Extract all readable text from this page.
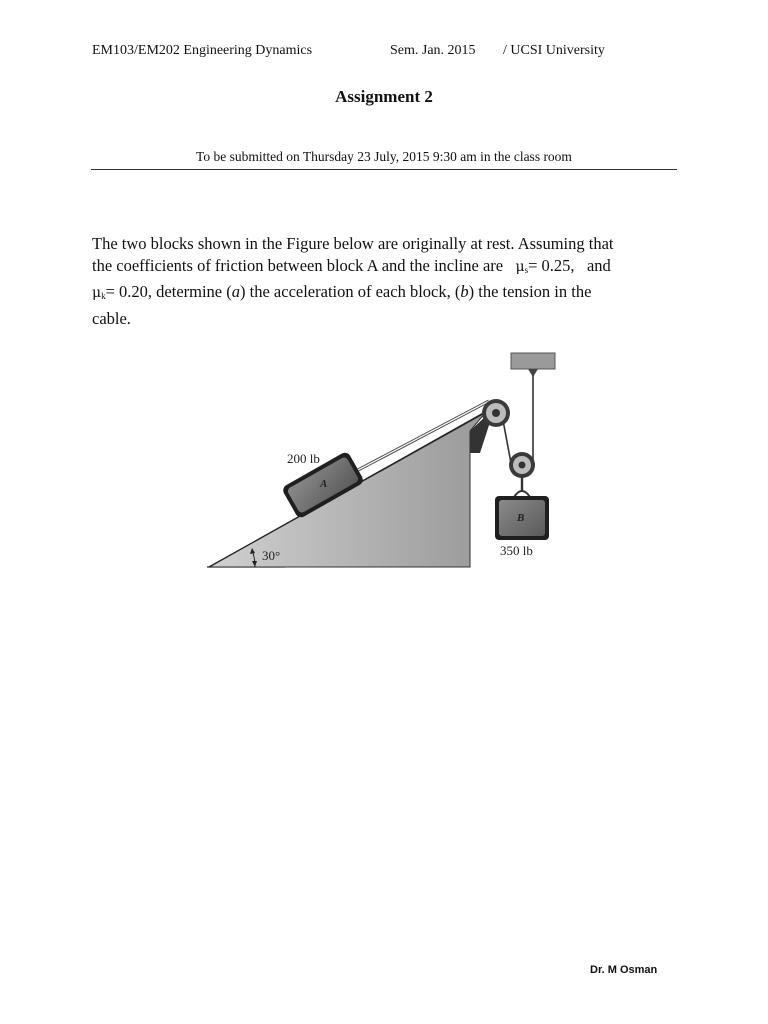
EM103/EM202 Engineering Dynamics	Sem. Jan. 2015 / UCSI University
Assignment 2
To be submitted on Thursday 23 July, 2015 9:30 am in the class room
The two blocks shown in the Figure below are originally at rest. Assuming that
the coefficients of friction between block A and the incline are   $\mu_s= 0.25$,   and
$\mu_k= 0.20$, determine (a) the acceleration of each block, (b) the tension in the
cable.
30°
A
200 lb
B
350 lb
Dr. M Osman
